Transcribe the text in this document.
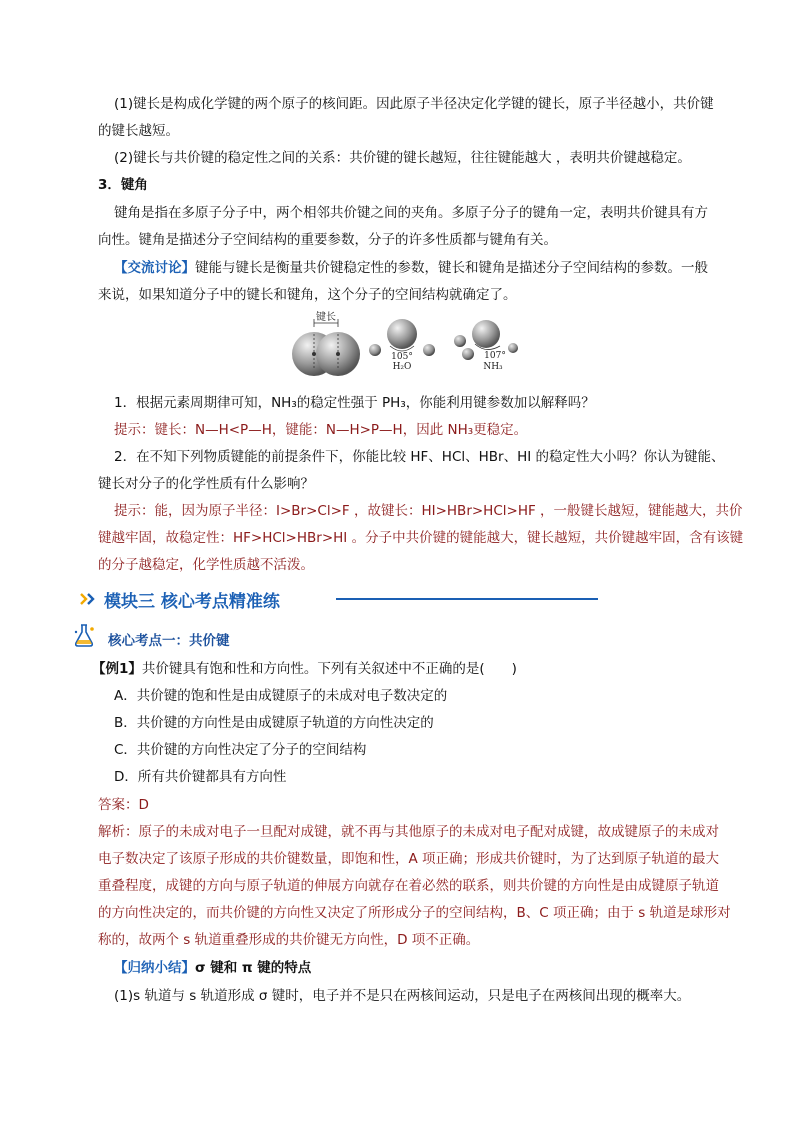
(1)键长是构成化学键的两个原子的核间距。因此原子半径决定化学键的键长，原子半径越小，共价键
的键长越短。
(2)键长与共价键的稳定性之间的关系：共价键的键长越短，往往键能越大 ，表明共价键越稳定。
3．键角
键角是指在多原子分子中，两个相邻共价键之间的夹角。多原子分子的键角一定，表明共价键具有方
向性。键角是描述分子空间结构的重要参数，分子的许多性质都与键角有关。
【交流讨论】键能与键长是衡量共价键稳定性的参数，键长和键角是描述分子空间结构的参数。一般
来说，如果知道分子中的键长和键角，这个分子的空间结构就确定了。
键长
105°
H₂O
107°
NH₃
1．根据元素周期律可知，NH₃的稳定性强于 PH₃，你能利用键参数加以解释吗？
提示：键长：N—H<P—H，键能：N—H>P—H，因此 NH₃更稳定。
2．在不知下列物质键能的前提条件下，你能比较 HF、HCl、HBr、HI 的稳定性大小吗？你认为键能、
键长对分子的化学性质有什么影响？
提示：能，因为原子半径：I>Br>Cl>F ，故键长：HI>HBr>HCl>HF ，一般键长越短，键能越大，共价
键越牢固，故稳定性：HF>HCl>HBr>HI 。分子中共价键的键能越大，键长越短，共价键越牢固，含有该键
的分子越稳定，化学性质越不活泼。
模块三 核心考点精准练
核心考点一：共价键
【例1】共价键具有饱和性和方向性。下列有关叙述中不正确的是(　　)
A．共价键的饱和性是由成键原子的未成对电子数决定的
B．共价键的方向性是由成键原子轨道的方向性决定的
C．共价键的方向性决定了分子的空间结构
D．所有共价键都具有方向性
答案：D
解析：原子的未成对电子一旦配对成键，就不再与其他原子的未成对电子配对成键，故成键原子的未成对
电子数决定了该原子形成的共价键数量，即饱和性，A 项正确；形成共价键时，为了达到原子轨道的最大
重叠程度，成键的方向与原子轨道的伸展方向就存在着必然的联系，则共价键的方向性是由成键原子轨道
的方向性决定的，而共价键的方向性又决定了所形成分子的空间结构，B、C 项正确；由于 s 轨道是球形对
称的，故两个 s 轨道重叠形成的共价键无方向性，D 项不正确。
【归纳小结】σ 键和 π 键的特点
(1)s 轨道与 s 轨道形成 σ 键时，电子并不是只在两核间运动，只是电子在两核间出现的概率大。
